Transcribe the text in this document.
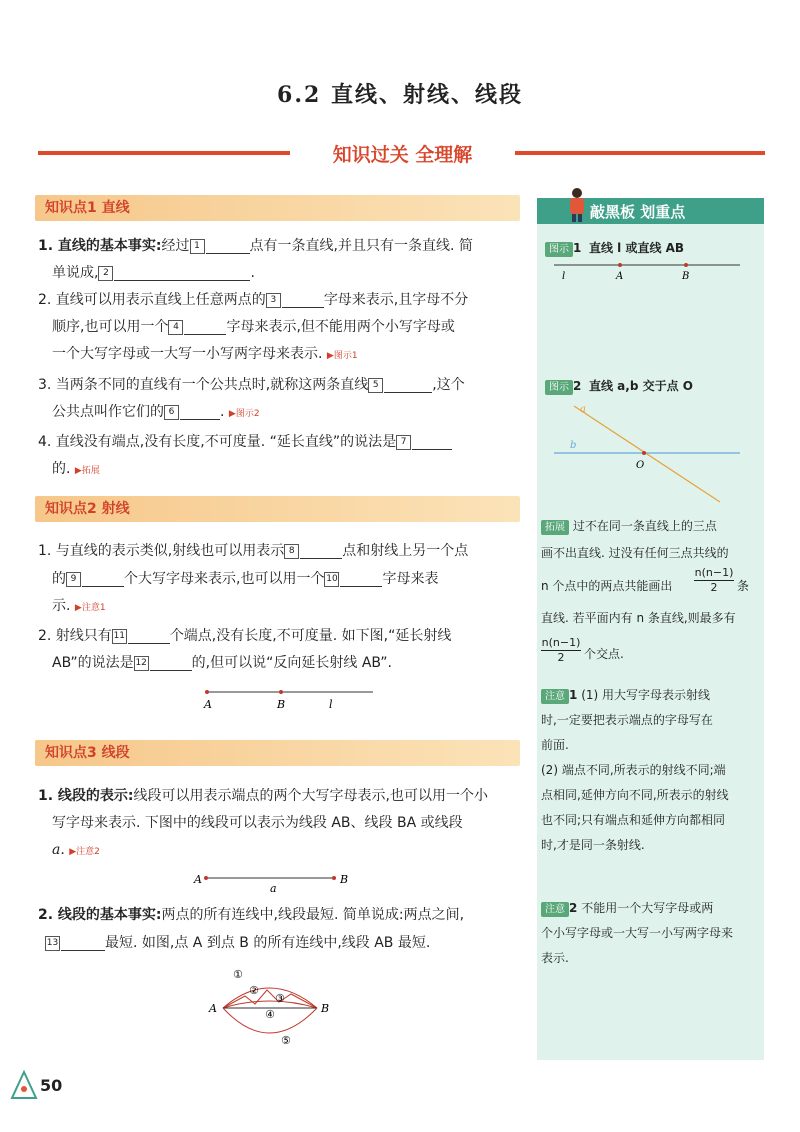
6.2 直线、射线、线段
知识过关 全理解
知识点1 直线
1. 直线的基本事实:经过 1	点有一条直线,并且只有一条直线. 简
单说成, 2	.
2. 直线可以用表示直线上任意两点的 3	字母来表示,且字母不分
顺序,也可以用一个 4	字母来表示,但不能用两个小写字母或
一个大写字母或一大写一小写两字母来表示. ▶图示1
3. 当两条不同的直线有一个公共点时,就称这两条直线 5	,这个
公共点叫作它们的 6	. ▶图示2
4. 直线没有端点,没有长度,不可度量. “延长直线”的说法是 7
的. ▶拓展
知识点2 射线
1. 与直线的表示类似,射线也可以用表示 8	点和射线上另一个点
的 9	个大写字母来表示,也可以用一个 10	字母来表
示. ▶注意1
2. 射线只有 11	个端点,没有长度,不可度量. 如下图,“延长射线
AB”的说法是 12	的,但可以说“反向延长射线 AB”.
A	B	l
知识点3 线段
1. 线段的表示:线段可以用表示端点的两个大写字母表示,也可以用一个小
写字母来表示. 下图中的线段可以表示为线段 AB、线段 BA 或线段
a. ▶注意2
A
a
B
2. 线段的基本事实:两点的所有连线中,线段最短. 简单说成:两点之间,
13	最短. 如图,点 A 到点 B 的所有连线中,线段 AB 最短.
A	B
①
②
③
④
⑤
敲黑板 划重点
图示 1 直线 l 或直线 AB
l	A	B
图示 2 直线 a,b 交于点 O
a
b
O
拓展 过不在同一条直线上的三点
画不出直线. 过没有任何三点共线的
n 个点中的两点共能画出 $\frac{n(n-1)}{2}$ 条
直线. 若平面内有 n 条直线,则最多有
$\frac{n(n-1)}{2}$ 个交点.
注意 1 (1) 用大写字母表示射线
时,一定要把表示端点的字母写在
前面.
(2) 端点不同,所表示的射线不同;端
点相同,延伸方向不同,所表示的射线
也不同;只有端点和延伸方向都相同
时,才是同一条射线.
注意 2 不能用一个大写字母或两
个小写字母或一大写一小写两字母来
表示.
50
